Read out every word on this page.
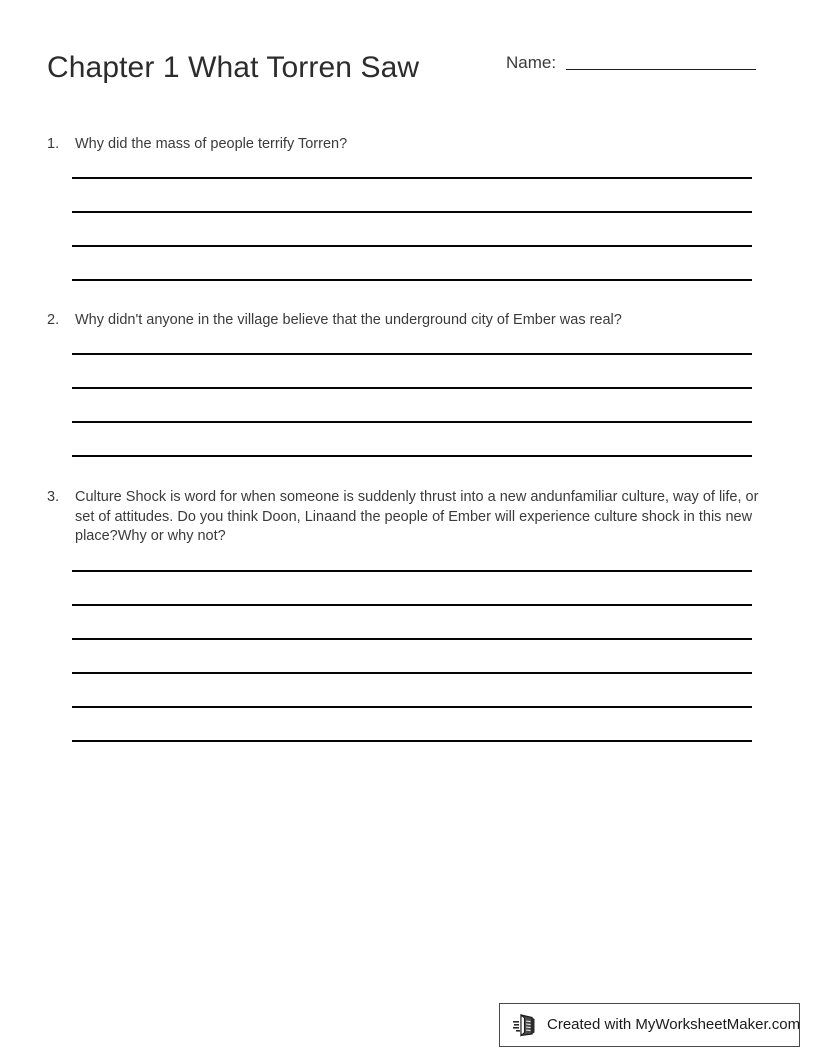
Chapter 1 What Torren Saw	Name:
1.	Why did the mass of people terrify Torren?
2.	Why didn't anyone in the village believe that the underground city of Ember was real?
3.	Culture Shock is word for when someone is suddenly thrust into a new andunfamiliar culture, way of life, or set of attitudes. Do you think Doon, Linaand the people of Ember will experience culture shock in this new place?Why or why not?
Created with MyWorksheetMaker.com
